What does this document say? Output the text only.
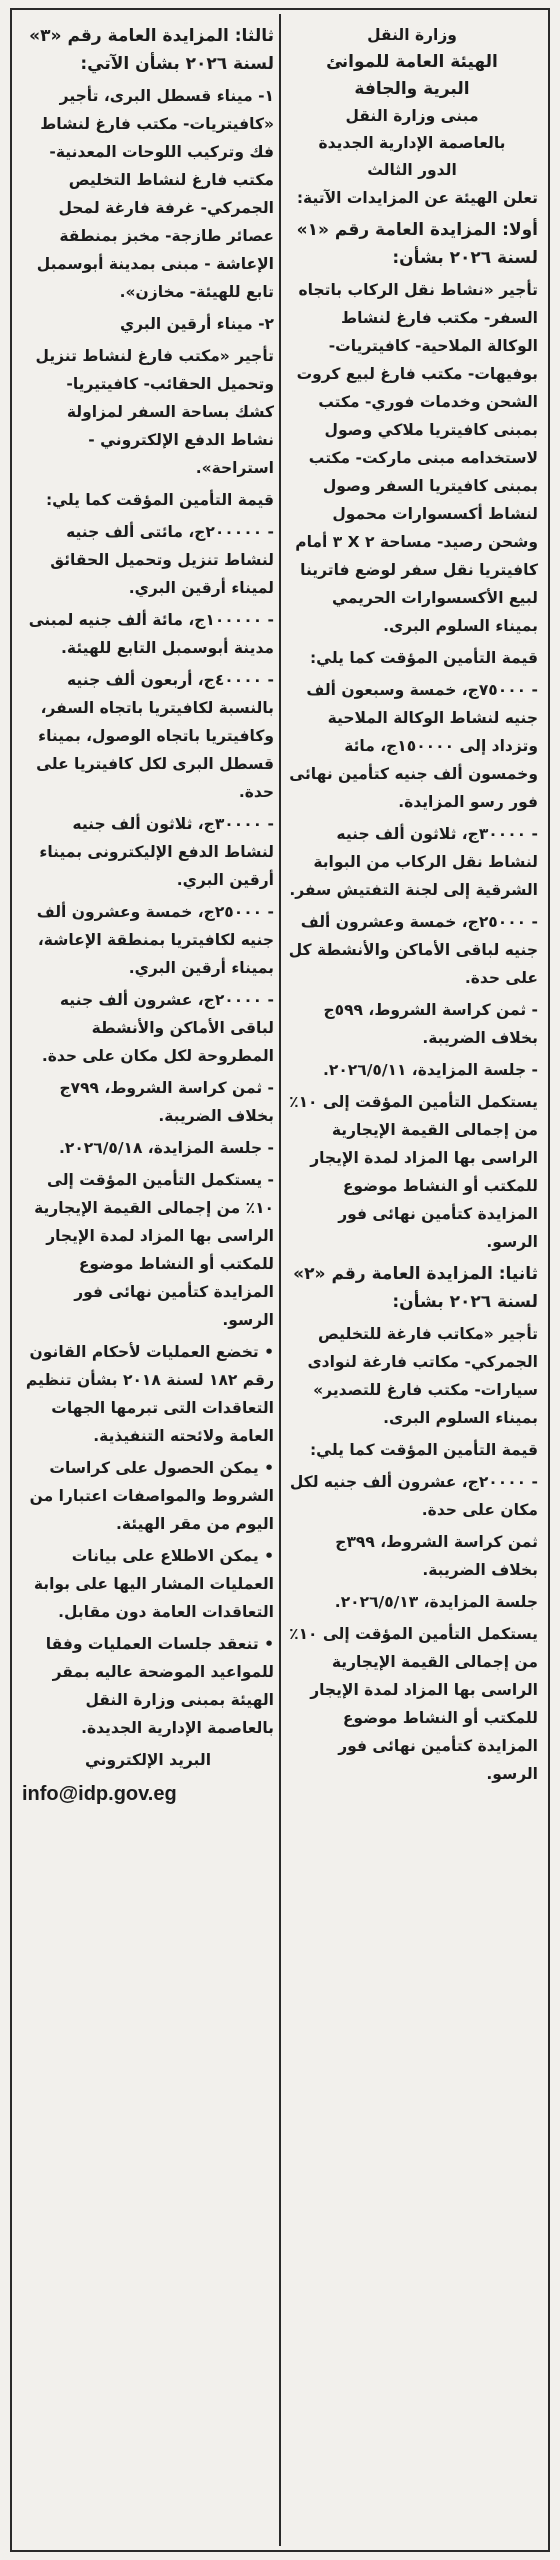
وزارة النقل
الهيئة العامة للموانئ
البرية والجافة
مبنى وزارة النقل
بالعاصمة الإدارية الجديدة
الدور الثالث

تعلن الهيئة عن المزايدات الآتية:

أولا: المزايدة العامة رقم «١» لسنة ٢٠٢٦ بشأن:

تأجير «نشاط نقل الركاب باتجاه السفر- مكتب فارغ لنشاط الوكالة الملاحية- كافيتريات- بوفيهات- مكتب فارغ لبيع كروت الشحن وخدمات فوري- مكتب بمبنى كافيتريا ملاكي وصول لاستخدامه مبنى ماركت- مكتب بمبنى كافيتريا السفر وصول لنشاط أكسسوارات محمول وشحن رصيد- مساحة ٢ X ٣ أمام كافيتريا نقل سفر لوضع فاترينا لبيع الأكسسوارات الحريمي بميناء السلوم البرى.

قيمة التأمين المؤقت كما يلي:

- ٧٥٠٠٠ج، خمسة وسبعون ألف جنيه لنشاط الوكالة الملاحية وتزداد إلى ١٥٠٠٠٠ج، مائة وخمسون ألف جنيه كتأمين نهائى فور رسو المزايدة.

- ٣٠٠٠٠ج، ثلاثون ألف جنيه لنشاط نقل الركاب من البوابة الشرقية إلى لجنة التفتيش سفر.

- ٢٥٠٠٠ج، خمسة وعشرون ألف جنيه لباقى الأماكن والأنشطة كل على حدة.

- ثمن كراسة الشروط، ٥٩٩ج بخلاف الضريبة.

- جلسة المزايدة، ٢٠٢٦/٥/١١.

يستكمل التأمين المؤقت إلى ١٠٪ من إجمالى القيمة الإيجارية الراسى بها المزاد لمدة الإيجار للمكتب أو النشاط موضوع المزايدة كتأمين نهائى فور الرسو.

ثانيا: المزايدة العامة رقم «٢» لسنة ٢٠٢٦ بشأن:

تأجير «مكاتب فارغة للتخليص الجمركي- مكاتب فارغة لنوادى سيارات- مكتب فارغ للتصدير» بميناء السلوم البرى.

قيمة التأمين المؤقت كما يلي:

- ٢٠٠٠٠ج، عشرون ألف جنيه لكل مكان على حدة.

ثمن كراسة الشروط، ٣٩٩ج بخلاف الضريبة.

جلسة المزايدة، ٢٠٢٦/٥/١٣.

يستكمل التأمين المؤقت إلى ١٠٪ من إجمالى القيمة الإيجارية الراسى بها المزاد لمدة الإيجار للمكتب أو النشاط موضوع المزايدة كتأمين نهائى فور الرسو.

ثالثا: المزايدة العامة رقم «٣» لسنة ٢٠٢٦ بشأن الآتي:

١- ميناء قسطل البرى، تأجير «كافيتريات- مكتب فارغ لنشاط فك وتركيب اللوحات المعدنية- مكتب فارغ لنشاط التخليص الجمركي- غرفة فارغة لمحل عصائر طازجة- مخبز بمنطقة الإعاشة - مبنى بمدينة أبوسمبل تابع للهيئة- مخازن».

٢- ميناء أرقين البري

تأجير «مكتب فارغ لنشاط تنزيل وتحميل الحقائب- كافيتيريا- كشك بساحة السفر لمزاولة نشاط الدفع الإلكتروني - استراحة».

قيمة التأمين المؤقت كما يلي:

- ٢٠٠٠٠٠ج، مائتى ألف جنيه لنشاط تنزيل وتحميل الحقائق لميناء أرقين البري.

- ١٠٠٠٠٠ج، مائة ألف جنيه لمبنى مدينة أبوسمبل التابع للهيئة.

- ٤٠٠٠٠ج، أربعون ألف جنيه بالنسبة لكافيتريا باتجاه السفر، وكافيتريا باتجاه الوصول، بميناء قسطل البرى لكل كافيتريا على حدة.

- ٣٠٠٠٠ج، ثلاثون ألف جنيه لنشاط الدفع الإليكترونى بميناء أرقين البري.

- ٢٥٠٠٠ج، خمسة وعشرون ألف جنيه لكافيتريا بمنطقة الإعاشة، بميناء أرقين البري.

- ٢٠٠٠٠ج، عشرون ألف جنيه لباقى الأماكن والأنشطة المطروحة لكل مكان على حدة.

- ثمن كراسة الشروط، ٧٩٩ج بخلاف الضريبة.

- جلسة المزايدة، ٢٠٢٦/٥/١٨.

- يستكمل التأمين المؤقت إلى ١٠٪ من إجمالى القيمة الإيجارية الراسى بها المزاد لمدة الإيجار للمكتب أو النشاط موضوع المزايدة كتأمين نهائى فور الرسو.

• تخضع العمليات لأحكام القانون رقم ١٨٢ لسنة ٢٠١٨ بشأن تنظيم التعاقدات التى تبرمها الجهات العامة ولائحته التنفيذية.

• يمكن الحصول على كراسات الشروط والمواصفات اعتبارا من اليوم من مقر الهيئة.

• يمكن الاطلاع على بيانات العمليات المشار اليها على بوابة التعاقدات العامة دون مقابل.

• تنعقد جلسات العمليات وفقا للمواعيد الموضحة عاليه بمقر الهيئة بمبنى وزارة النقل بالعاصمة الإدارية الجديدة.

البريد الإلكتروني

info@idp.gov.eg
